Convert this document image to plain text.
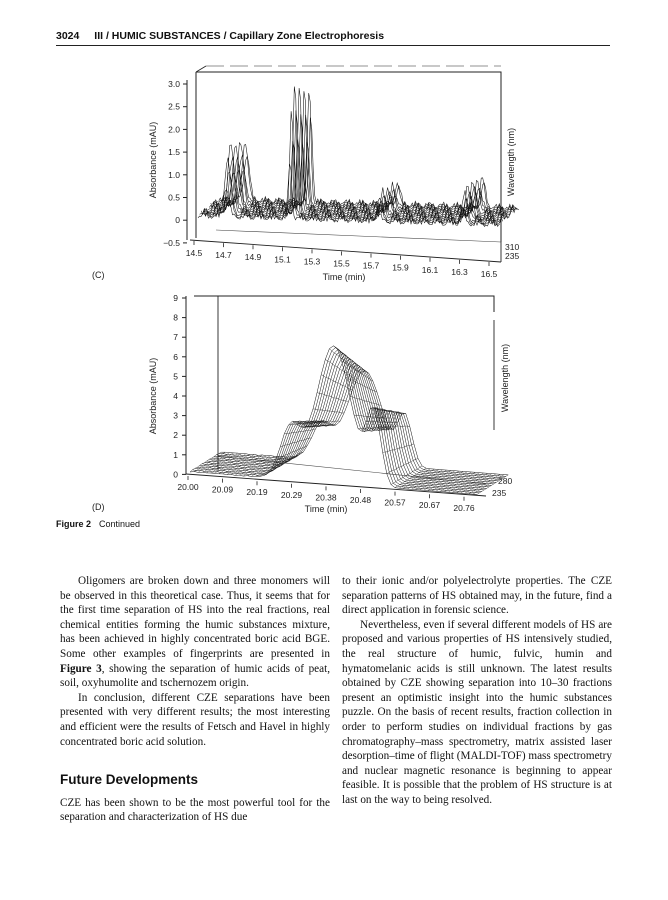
3024 III / HUMIC SUBSTANCES / Capillary Zone Electrophoresis
3.0
2.5
2.0
1.5
1.0
0.5
0
−0.5
14.5 14.7 14.9 15.1 15.3 15.5 15.7 15.9 16.1 16.3 16.5
Absorbance (mAU)	Wavelength (nm)
Time (min)
(C)
310
235
9
8
7
6
5
4
3
2
1
0
20.00 20.09 20.19 20.29 20.38 20.48 20.57 20.67 20.76
Absorbance (mAU)	Wavelength (nm)
Time (min)
(D)
280
235
Figure 2 Continued

Oligomers are broken down and three monomers will be observed in this theoretical case. Thus, it seems that for the first time separation of HS into the real fractions, real chemical entities forming the humic substances mixture, has been achieved in highly concentrated boric acid BGE. Some other examples of fingerprints are presented in Figure 3, showing the separation of humic acids of peat, soil, oxyhumolite and tschernozem origin.

In conclusion, different CZE separations have been presented with very different results; the most interesting and efficient were the results of Fetsch and Havel in highly concentrated boric acid solution.

Future Developments

CZE has been shown to be the most powerful tool for the separation and characterization of HS due

to their ionic and/or polyelectrolyte properties. The CZE separation patterns of HS obtained may, in the future, find a direct application in forensic science.

Nevertheless, even if several different models of HS are proposed and various properties of HS intensively studied, the real structure of humic, fulvic, humin and hymatomelanic acids is still unknown. The latest results obtained by CZE showing separation into 10–30 fractions present an optimistic insight into the humic substances puzzle. On the basis of recent results, fraction collection in order to perform studies on individual fractions by gas chromatography–mass spectrometry, matrix assisted laser desorption–time of flight (MALDI-TOF) mass spectrometry and nuclear magnetic resonance is beginning to appear feasible. It is possible that the problem of HS structure is at last on the way to being resolved.
